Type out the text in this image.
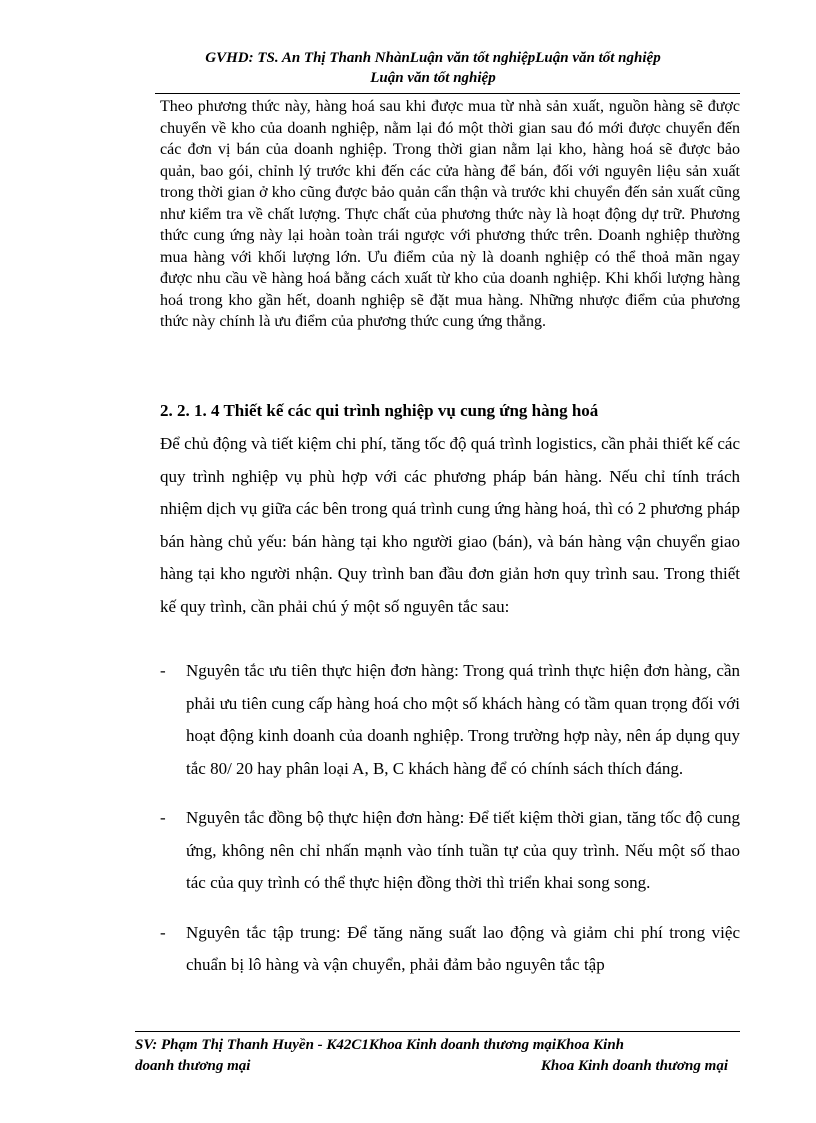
GVHD: TS. An Thị Thanh NhànLuận văn tốt nghiệpLuận văn tốt nghiệp
Luận văn tốt nghiệp
Theo phương thức này, hàng hoá sau khi được mua từ nhà sản xuất, nguồn hàng sẽ được chuyển về kho của doanh nghiệp, nằm lại đó một thời gian sau đó mới được chuyển đến các đơn vị bán của doanh nghiệp. Trong thời gian nằm lại kho, hàng hoá sẽ được bảo quản, bao gói, chỉnh lý trước khi đến các cửa hàng để bán, đối với nguyên liệu sản xuất trong thời gian ở kho cũng được bảo quản cẩn thận và trước khi chuyển đến sản xuất cũng như kiểm tra về chất lượng. Thực chất của phương thức này là hoạt động dự trữ. Phương thức cung ứng này lại hoàn toàn trái ngược với phương thức trên. Doanh nghiệp thường mua hàng với khối lượng lớn. Ưu điểm của nỳ là doanh nghiệp có thể thoả mãn ngay được nhu cầu về hàng hoá bằng cách xuất từ kho của doanh nghiệp. Khi khối lượng hàng hoá trong kho gần hết, doanh nghiệp sẽ đặt mua hàng. Những nhược điểm của phương thức này chính là ưu điểm của phương thức cung ứng thẳng.
2. 2. 1. 4 Thiết kế các qui trình nghiệp vụ cung ứng hàng hoá
Để chủ động và tiết kiệm chi phí, tăng tốc độ quá trình logistics, cần phải thiết kế các quy trình nghiệp vụ phù hợp với các phương pháp bán hàng. Nếu chỉ tính trách nhiệm dịch vụ giữa các bên trong quá trình cung ứng hàng hoá, thì có 2 phương pháp bán hàng chủ yếu: bán hàng tại kho người giao (bán), và bán hàng vận chuyển giao hàng tại kho người nhận. Quy trình ban đầu đơn giản hơn quy trình sau. Trong thiết kế quy trình, cần phải chú ý một số nguyên tắc sau:
- Nguyên tắc ưu tiên thực hiện đơn hàng: Trong quá trình thực hiện đơn hàng, cần phải ưu tiên cung cấp hàng hoá cho một số khách hàng có tầm quan trọng đối với hoạt động kinh doanh của doanh nghiệp. Trong trường hợp này, nên áp dụng quy tắc 80/ 20 hay phân loại A, B, C khách hàng để có chính sách thích đáng.
- Nguyên tắc đồng bộ thực hiện đơn hàng: Để tiết kiệm thời gian, tăng tốc độ cung ứng, không nên chỉ nhấn mạnh vào tính tuần tự của quy trình. Nếu một số thao tác của quy trình có thể thực hiện đồng thời thì triển khai song song.
- Nguyên tắc tập trung: Để tăng năng suất lao động và giảm chi phí trong việc chuẩn bị lô hàng và vận chuyển, phải đảm bảo nguyên tắc tập
SV: Phạm Thị Thanh Huyền - K42C1Khoa Kinh doanh thương mạiKhoa Kinh
doanh thương mại	Khoa Kinh doanh thương mại
